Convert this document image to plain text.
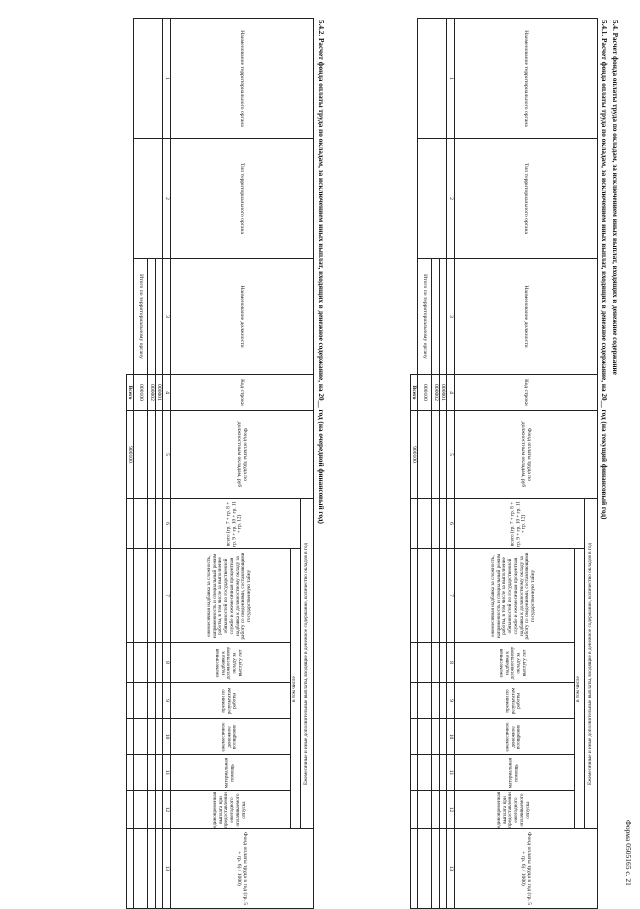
Форма 0505165 с. 21
5.4. Расчет фонда оплаты труда по окладам, за исключением иных выплат, входящих в денежное содержание
5.4.1. Расчет фонда оплаты труда по окладам, за исключением иных выплат, входящих в денежное содержание, на 20__ год (на текущий финансовый год)
Наименование территориального органа	Тип территориального органа	Наименование должности	Код строки	Фонд оплаты труда по должностным окладам, руб	Ежемесячные и иные дополнительные выплаты, входящие в денежное содержание, количество окладов в год							Фонд оплаты труда в год (гр. 5 + гр. 6) / 1000)	

					всего (гр. 7 + гр. 8 + гр. 9 + гр. 10 + гр. 11 + гр. 12)	в том числе							

						ежемесячная надбавка за сложность, напряженность и специальный режим работы, в том числе за выполнение обязанностей по государственной службе и ежемесячная процентная надбавка к должностному окладу за работу со сведениями, составляющими государственную тайну	ежемесячная надбавка к должностному окладу за выслугу лет	премии по результатам работы	ежемесячное денежное поощрение	материальная помощь	единовременная выплата при предоставлении ежегодного оплачиваемого отпуска		

1	2	3	4	5	6	7	8	9	10	11	12	13	
			000001										
			000002										
		Итого по территориальному органу	000100										
			Всего	900100									
5.4.2. Расчет фонда оплаты труда по окладам, за исключением иных выплат, входящих в денежное содержание, на 20__ год (на очередной финансовый год)
Наименование территориального органа	Тип территориального органа	Наименование должности	Код строки	Фонд оплаты труда по должностным окладам, руб	Ежемесячные и иные дополнительные выплаты, входящие в денежное содержание, количество окладов в год							Фонд оплаты труда в год (гр. 5 + гр. 6) / 1000)	

					всего (гр. 7 + гр. 8 + гр. 9 + гр. 10 + гр. 11 + гр. 12)	в том числе							

						ежемесячная надбавка за сложность, напряженность и специальный режим работы, в том числе за выполнение обязанностей по государственной службе и ежемесячная процентная надбавка к должностному окладу за работу со сведениями, составляющими государственную тайну	ежемесячная надбавка к должностному окладу за выслугу лет	премии по результатам работы	ежемесячное денежное поощрение	материальная помощь	единовременная выплата при предоставлении ежегодного оплачиваемого отпуска		

1	2	3	4	5	6	7	8	9	10	11	12	13	
			000001										
			000002										
		Итого по территориальному органу	000100										
			Всего	900100									
